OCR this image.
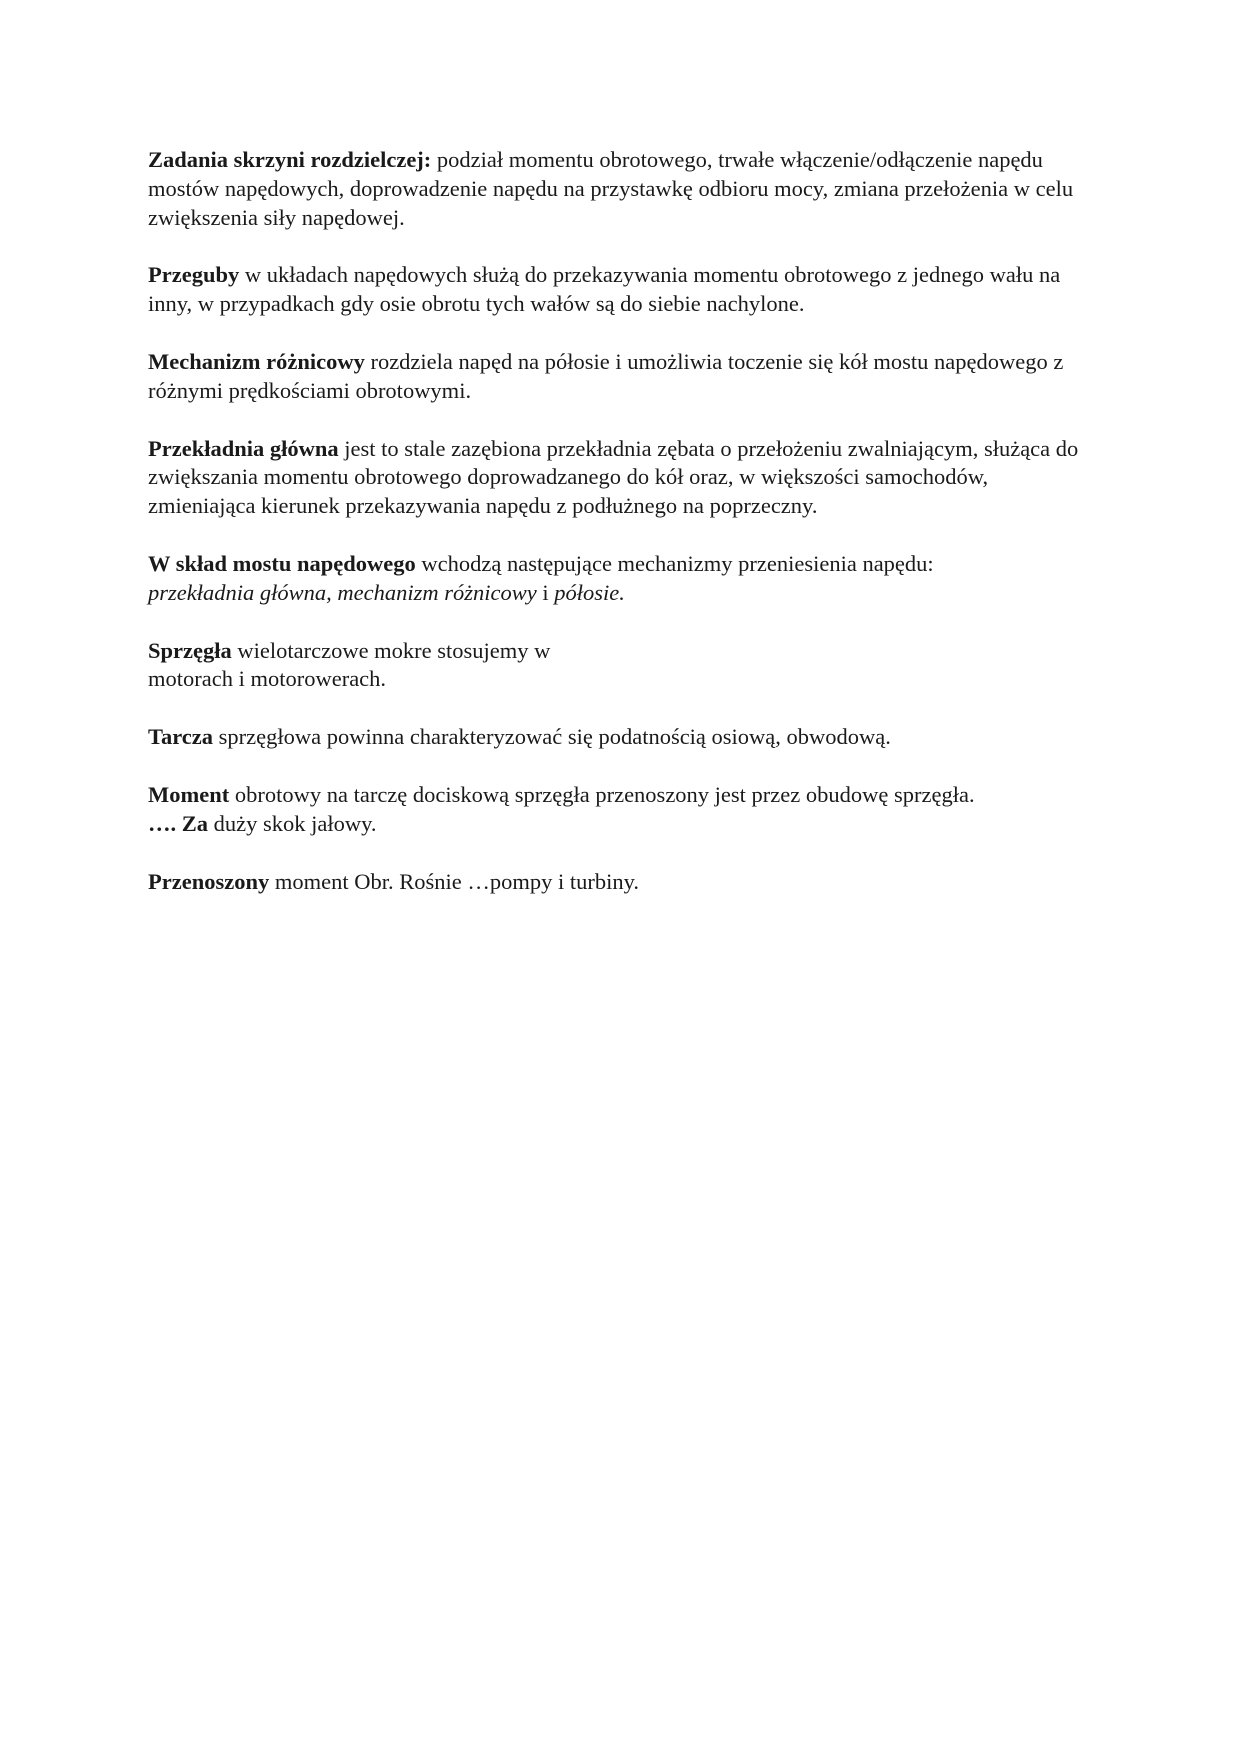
Zadania skrzyni rozdzielczej: podział momentu obrotowego, trwałe włączenie/odłączenie napędu mostów napędowych, doprowadzenie napędu na przystawkę odbioru mocy, zmiana przełożenia w celu zwiększenia siły napędowej.

Przeguby w układach napędowych służą do przekazywania momentu obrotowego z jednego wału na inny, w przypadkach gdy osie obrotu tych wałów są do siebie nachylone.

Mechanizm różnicowy rozdziela napęd na półosie i umożliwia toczenie się kół mostu napędowego z różnymi prędkościami obrotowymi.

Przekładnia główna jest to stale zazębiona przekładnia zębata o przełożeniu zwalniającym, służąca do zwiększania momentu obrotowego doprowadzanego do kół oraz, w większości samochodów, zmieniająca kierunek przekazywania napędu z podłużnego na poprzeczny.

W skład mostu napędowego wchodzą następujące mechanizmy przeniesienia napędu:
przekładnia główna, mechanizm różnicowy i półosie.

Sprzęgła wielotarczowe mokre stosujemy w
motorach i motorowerach.

Tarcza sprzęgłowa powinna charakteryzować się podatnością osiową, obwodową.

Moment obrotowy na tarczę dociskową sprzęgła przenoszony jest przez obudowę sprzęgła.
…. Za duży skok jałowy.

Przenoszony moment Obr. Rośnie …pompy i turbiny.
